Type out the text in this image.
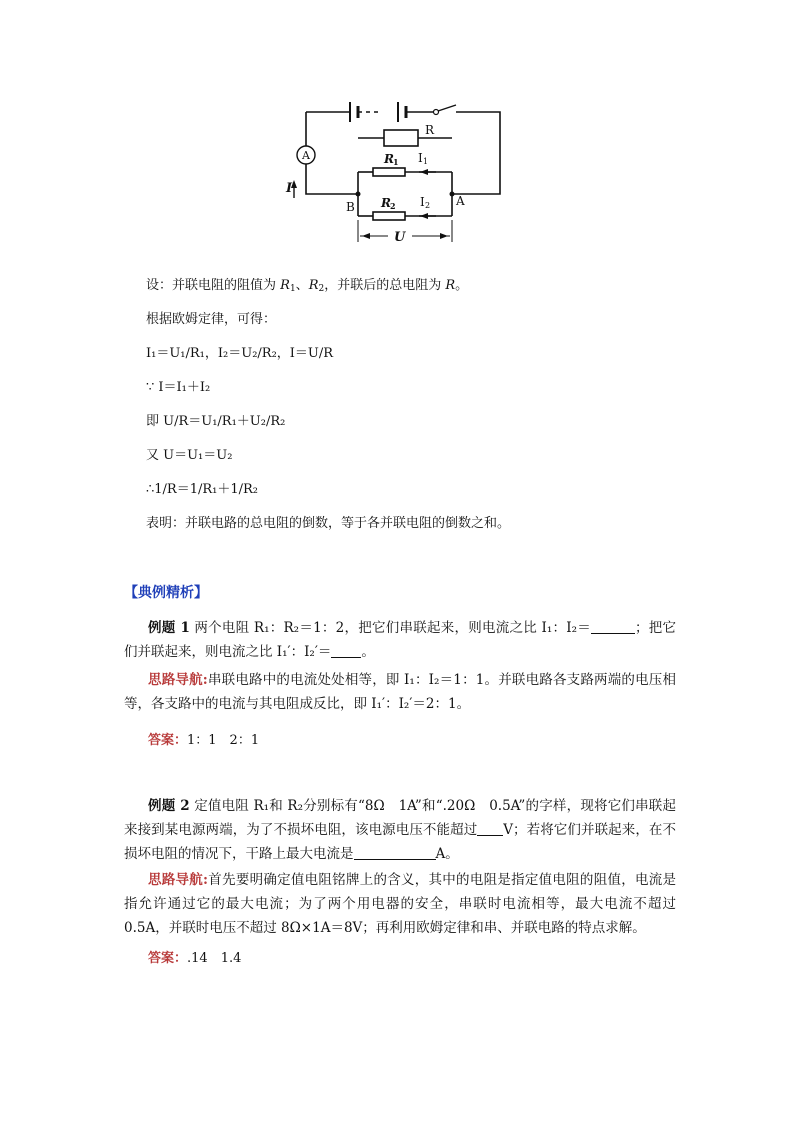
R
R 1 I 1
R 2 I 2
A
I
B	A
U
设：并联电阻的阻值为 $R_1$、$R_2$，并联后的总电阻为 R。
根据欧姆定律，可得：
I₁＝U₁/R₁，I₂＝U₂/R₂，I＝U/R
∵ I＝I₁＋I₂
即 U/R＝U₁/R₁＋U₂/R₂
又 U＝U₁＝U₂
∴1/R＝1/R₁＋1/R₂
表明：并联电路的总电阻的倒数，等于各并联电阻的倒数之和。
【典例精析】
例题 1 两个电阻 R₁：R₂＝1：2，把它们串联起来，则电流之比 I₁：I₂＝	；把它们并联起来，则电流之比 I₁′：I₂′＝ 。
思路导航:串联电路中的电流处处相等，即 I₁：I₂＝1：1。并联电路各支路两端的电压相等，各支路中的电流与其电阻成反比，即 I₁′：I₂′＝2：1。
答案：1：1　2：1
例题 2 定值电阻 R₁和 R₂分别标有“8Ω　1A”和“.20Ω　0.5A”的字样，现将它们串联起来接到某电源两端，为了不损坏电阻，该电源电压不能超过 V；若将它们并联起来，在不损坏电阻的情况下，干路上最大电流是	A。
思路导航:首先要明确定值电阻铭牌上的含义，其中的电阻是指定值电阻的阻值，电流是指允许通过它的最大电流；为了两个用电器的安全，串联时电流相等，最大电流不超过 0.5A，并联时电压不超过 8Ω×1A＝8V；再利用欧姆定律和串、并联电路的特点求解。
答案：.14　1.4
